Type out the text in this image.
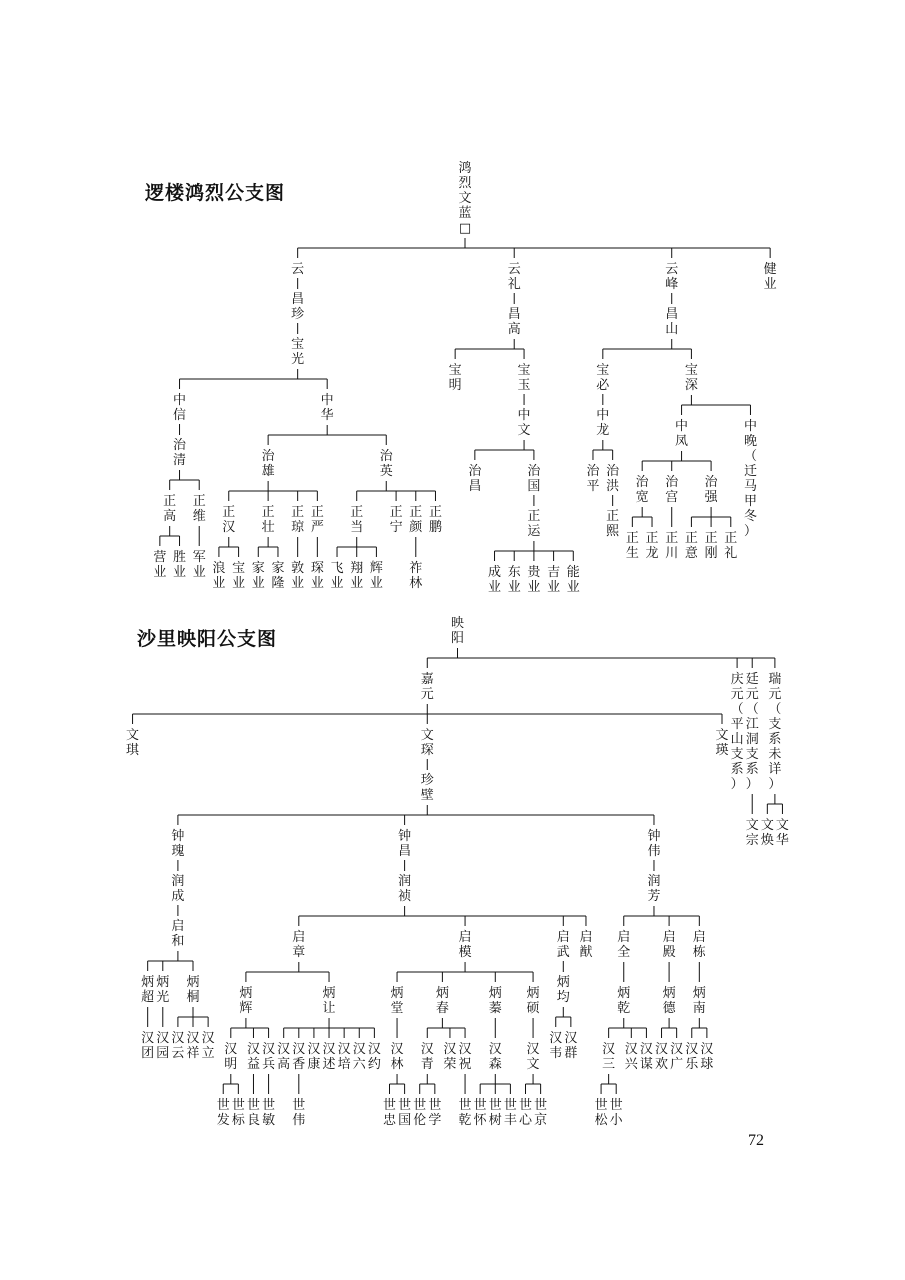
逻楼鸿烈公支图
沙里映阳公支图
72
鸿
烈
文
蓝
□
云
昌
珍
宝
光
中
信
治
清
正
高
营
业
胜
业
正
维
军
业
中
华
治
雄
正
汉
浪
业
宝
业
正
壮
家
业
家
隆
正
琼
敦
业
正
严
琛
业
治
英
正
当
飞
业
翔
业
辉
业
正
宁
正
颜
祚
林
正
鹏
云
礼
昌
高
宝
明
宝
玉
中
文
治
昌
治
国
正
运
成
业
东
业
贵
业
吉
业
能
业
云
峰
昌
山
宝
必
中
龙
治
平
治
洪
正
熙
宝
深
中
凤
治
宽
正
生
正
龙
治
宫
正
川
治
强
正
意
正
刚
正
礼
中
晚
（
迁
马
甲
冬
）
健
业
映
阳
嘉
元
文
琪
文
琛
珍
壁
钟
瑰
润
成
启
和
炳
超
汉
团
炳
光
汉
园
炳
桐
汉
云
汉
祥
汉
立
钟
昌
润
祯
启
章
炳
辉
汉
明
世
发
世
标
汉
益
世
良
汉
兵
世
敏
炳
让
汉
高
汉
香
世
伟
汉
康
汉
述
汉
培
汉
六
汉
约
启
模
炳
堂
汉
林
世
忠
世
国
炳
春
汉
青
世
伦
世
学
汉
荣
汉
祝
世
乾
炳
蓁
汉
森
世
怀
世
树
世
丰
炳
硕
汉
文
世
心
世
京
启
武
炳
均
汉
韦
汉
群
启
猷
钟
伟
润
芳
启
全
炳
乾
汉
三
世
松
世
小
汉
兴
汉
谋
启
殿
炳
德
汉
欢
汉
广
启
栋
炳
南
汉
乐
汉
球
文
瑛
庆
元
（
平
山
支
系
）
廷
元
（
江
洞
支
系
）
文
宗
瑞
元
（
支
系
未
详
）
文
焕
文
华
